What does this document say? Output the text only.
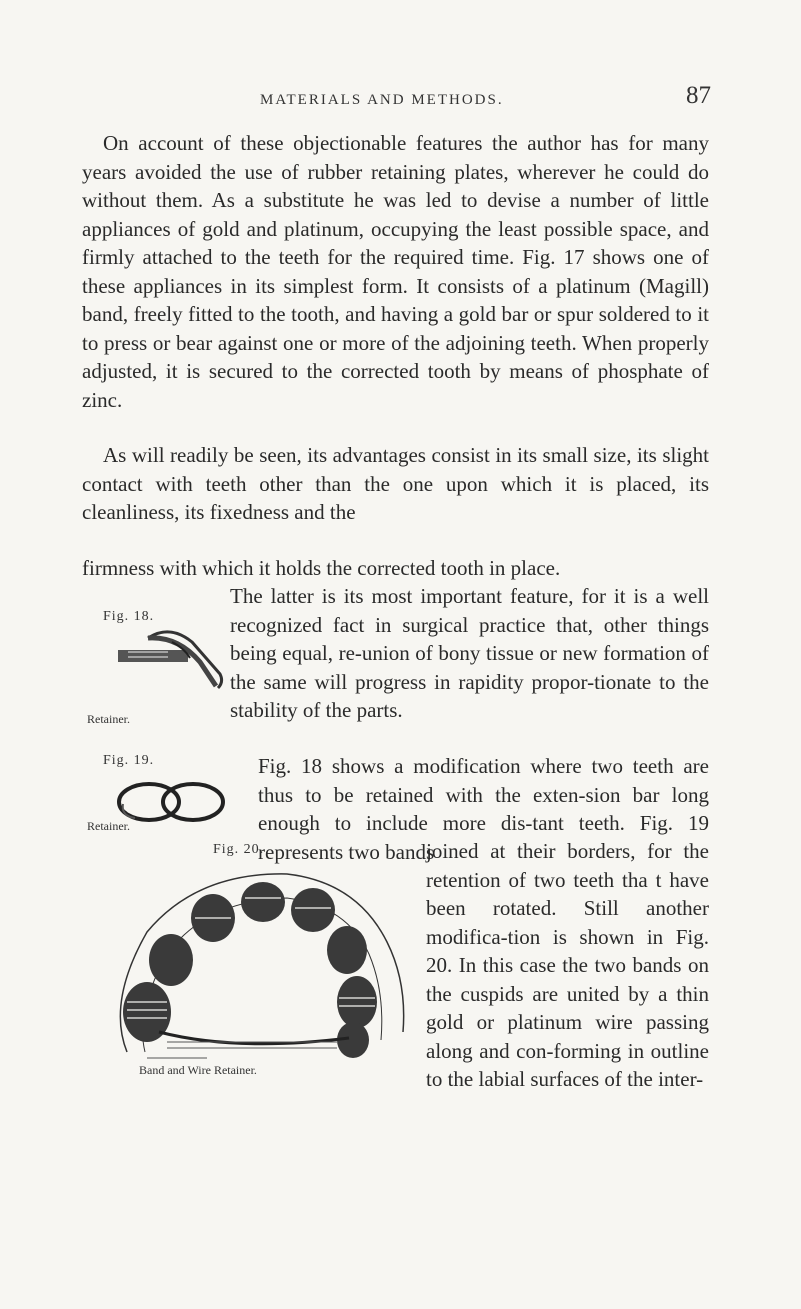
MATERIALS AND METHODS.	87

On account of these objectionable features the author has for many years avoided the use of rubber retaining plates, wherever he could do without them. As a substitute he was led to devise a number of little appliances of gold and platinum, occupying the least possible space, and firmly attached to the teeth for the required time. Fig. 17 shows one of these appliances in its simplest form. It consists of a platinum (Magill) band, freely fitted to the tooth, and having a gold bar or spur soldered to it to press or bear against one or more of the adjoining teeth. When properly adjusted, it is secured to the corrected tooth by means of phosphate of zinc.

As will readily be seen, its advantages consist in its small size, its slight contact with teeth other than the one upon which it is placed, its cleanliness, its fixedness and the

firmness with which it holds the corrected tooth in place.

The latter is its most important feature, for it is a well recognized fact in surgical practice that, other things being equal, re-union of bony tissue or new formation of the same will progress in rapidity propor-tionate to the stability of the parts.

Fig. 18 shows a modification where two teeth are thus to be retained with the exten-sion bar long enough to include more dis-tant teeth. Fig. 19 represents two bands

joined at their borders, for the retention of two teeth tha t have been rotated. Still another modifica-tion is shown in Fig. 20. In this case the two bands on the cuspids are united by a thin gold or platinum wire passing along and con-forming in outline to the labial surfaces of the inter-

Fig. 18.
Retainer.
Fig. 19.
Retainer.
Fig. 20.
Band and Wire Retainer.
